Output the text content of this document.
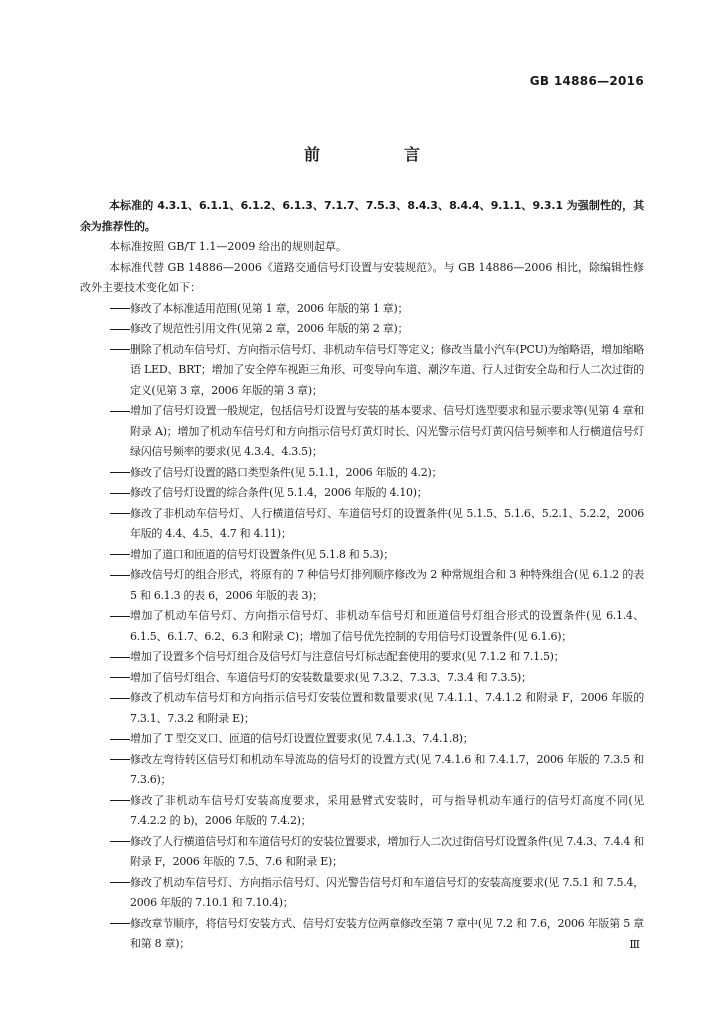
GB 14886—2016
前　言

本标准的 4.3.1、6.1.1、6.1.2、6.1.3、7.1.7、7.5.3、8.4.3、8.4.4、9.1.1、9.3.1 为强制性的，其余为推荐性的。

本标准按照 GB/T 1.1—2009 给出的规则起草。

本标准代替 GB 14886—2006《道路交通信号灯设置与安装规范》。与 GB 14886—2006 相比，除编辑性修改外主要技术变化如下：

修改了本标准适用范围(见第 1 章，2006 年版的第 1 章)；

修改了规范性引用文件(见第 2 章，2006 年版的第 2 章)；

删除了机动车信号灯、方向指示信号灯、非机动车信号灯等定义；修改当量小汽车(PCU)为缩略语，增加缩略语 LED、BRT；增加了安全停车视距三角形、可变导向车道、潮汐车道、行人过街安全岛和行人二次过街的定义(见第 3 章，2006 年版的第 3 章)；

增加了信号灯设置一般规定，包括信号灯设置与安装的基本要求、信号灯选型要求和显示要求等(见第 4 章和附录 A)；增加了机动车信号灯和方向指示信号灯黄灯时长、闪光警示信号灯黄闪信号频率和人行横道信号灯绿闪信号频率的要求(见 4.3.4、4.3.5)；

修改了信号灯设置的路口类型条件(见 5.1.1，2006 年版的 4.2)；

修改了信号灯设置的综合条件(见 5.1.4，2006 年版的 4.10)；

修改了非机动车信号灯、人行横道信号灯、车道信号灯的设置条件(见 5.1.5、5.1.6、5.2.1、5.2.2，2006 年版的 4.4、4.5、4.7 和 4.11)；

增加了道口和匝道的信号灯设置条件(见 5.1.8 和 5.3)；

修改信号灯的组合形式，将原有的 7 种信号灯排列顺序修改为 2 种常规组合和 3 种特殊组合(见 6.1.2 的表 5 和 6.1.3 的表 6，2006 年版的表 3)；

增加了机动车信号灯、方向指示信号灯、非机动车信号灯和匝道信号灯组合形式的设置条件(见 6.1.4、6.1.5、6.1.7、6.2、6.3 和附录 C)；增加了信号优先控制的专用信号灯设置条件(见 6.1.6)；

增加了设置多个信号灯组合及信号灯与注意信号灯标志配套使用的要求(见 7.1.2 和 7.1.5)；

增加了信号灯组合、车道信号灯的安装数量要求(见 7.3.2、7.3.3、7.3.4 和 7.3.5)；

修改了机动车信号灯和方向指示信号灯安装位置和数量要求(见 7.4.1.1、7.4.1.2 和附录 F，2006 年版的 7.3.1、7.3.2 和附录 E)；

增加了 T 型交叉口、匝道的信号灯设置位置要求(见 7.4.1.3、7.4.1.8)；

修改左弯待转区信号灯和机动车导流岛的信号灯的设置方式(见 7.4.1.6 和 7.4.1.7，2006 年版的 7.3.5 和 7.3.6)；

修改了非机动车信号灯安装高度要求，采用悬臂式安装时，可与指导机动车通行的信号灯高度不同(见 7.4.2.2 的 b)，2006 年版的 7.4.2)；

修改了人行横道信号灯和车道信号灯的安装位置要求，增加行人二次过街信号灯设置条件(见 7.4.3、7.4.4 和附录 F，2006 年版的 7.5、7.6 和附录 E)；

修改了机动车信号灯、方向指示信号灯、闪光警告信号灯和车道信号灯的安装高度要求(见 7.5.1 和 7.5.4，2006 年版的 7.10.1 和 7.10.4)；

修改章节顺序，将信号灯安装方式、信号灯安装方位两章修改至第 7 章中(见 7.2 和 7.6，2006 年版第 5 章和第 8 章)；	Ⅲ
